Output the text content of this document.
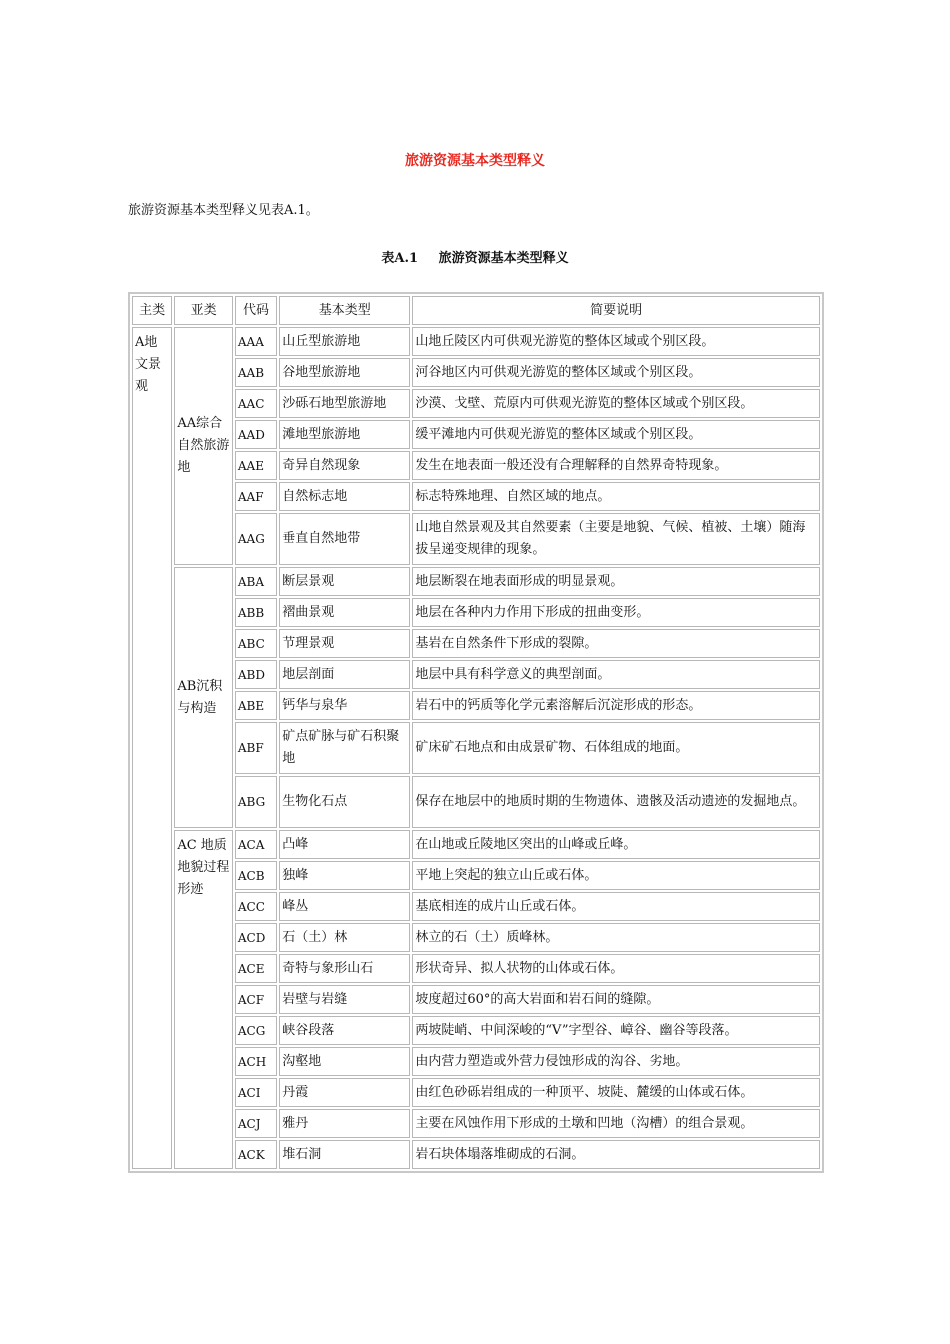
旅游资源基本类型释义
旅游资源基本类型释义见表A.1。
表A.1 旅游资源基本类型释义
主类	亚类	代码	基本类型	简要说明
A地文景观	AA综合自然旅游地	AAA	山丘型旅游地	山地丘陵区内可供观光游览的整体区域或个别区段。
		AAB	谷地型旅游地	河谷地区内可供观光游览的整体区域或个别区段。
		AAC	沙砾石地型旅游地	沙漠、戈壁、荒原内可供观光游览的整体区域或个别区段。
		AAD	滩地型旅游地	缓平滩地内可供观光游览的整体区域或个别区段。
		AAE	奇异自然现象	发生在地表面一般还没有合理解释的自然界奇特现象。
		AAF	自然标志地	标志特殊地理、自然区域的地点。
		AAG	垂直自然地带	山地自然景观及其自然要素（主要是地貌、气候、植被、土壤）随海拔呈递变规律的现象。
	AB沉积与构造	ABA	断层景观	地层断裂在地表面形成的明显景观。
		ABB	褶曲景观	地层在各种内力作用下形成的扭曲变形。
		ABC	节理景观	基岩在自然条件下形成的裂隙。
		ABD	地层剖面	地层中具有科学意义的典型剖面。
		ABE	钙华与泉华	岩石中的钙质等化学元素溶解后沉淀形成的形态。
		ABF	矿点矿脉与矿石积聚地	矿床矿石地点和由成景矿物、石体组成的地面。
		ABG	生物化石点	保存在地层中的地质时期的生物遗体、遗骸及活动遗迹的发掘地点。
	AC 地质地貌过程形迹	ACA	凸峰	在山地或丘陵地区突出的山峰或丘峰。
		ACB	独峰	平地上突起的独立山丘或石体。
		ACC	峰丛	基底相连的成片山丘或石体。
		ACD	石（土）林	林立的石（土）质峰林。
		ACE	奇特与象形山石	形状奇异、拟人状物的山体或石体。
		ACF	岩壁与岩缝	坡度超过60°的高大岩面和岩石间的缝隙。
		ACG	峡谷段落	两坡陡峭、中间深峻的“V”字型谷、嶂谷、幽谷等段落。
		ACH	沟壑地	由内营力塑造或外营力侵蚀形成的沟谷、劣地。
		ACI	丹霞	由红色砂砾岩组成的一种顶平、坡陡、麓缓的山体或石体。
		ACJ	雅丹	主要在风蚀作用下形成的土墩和凹地（沟槽）的组合景观。
		ACK	堆石洞	岩石块体塌落堆砌成的石洞。
